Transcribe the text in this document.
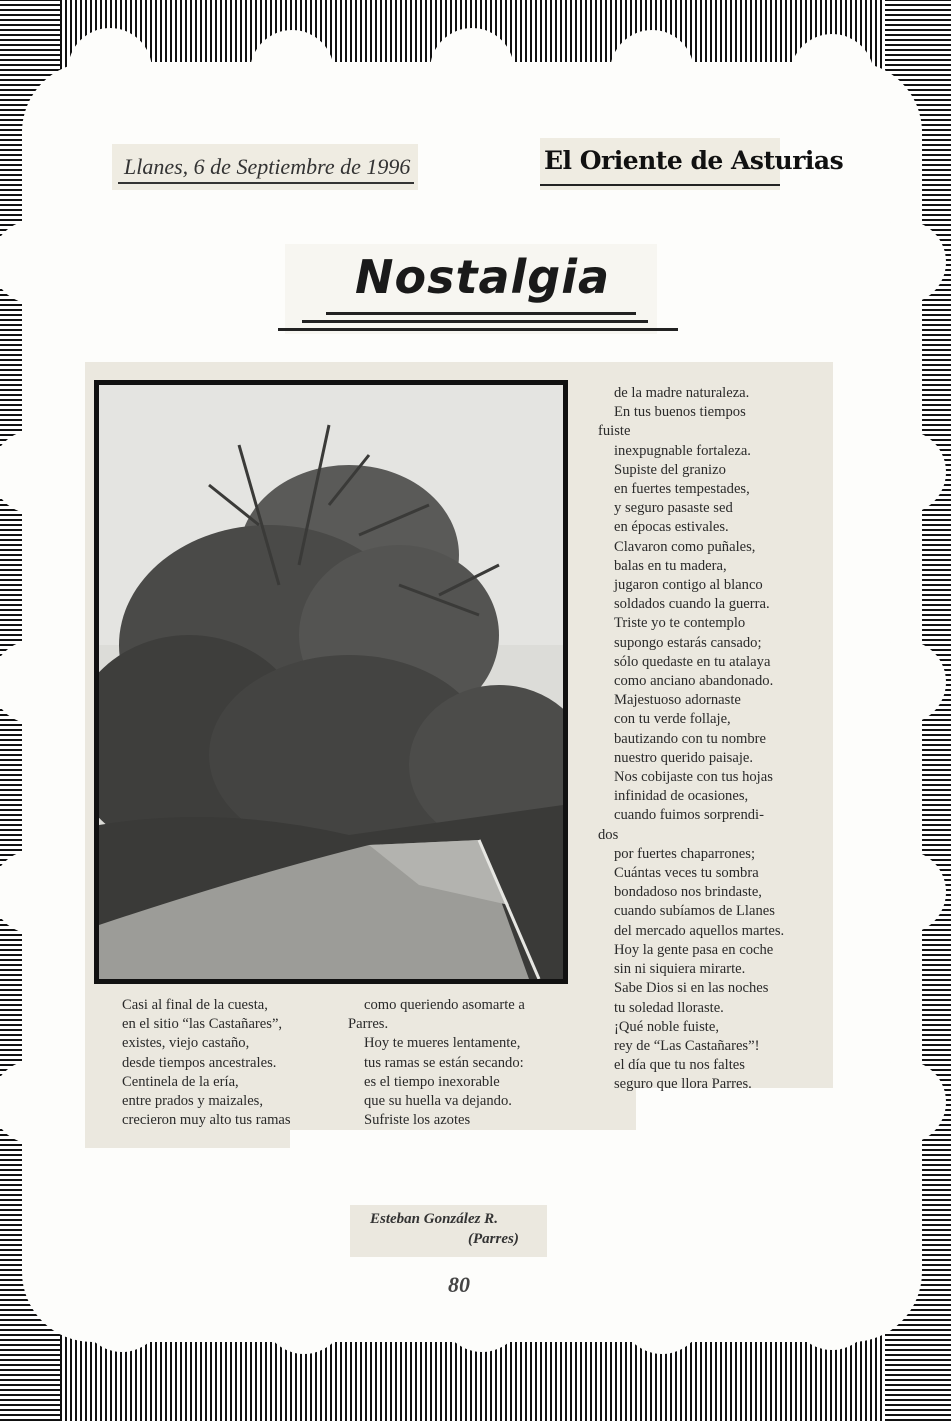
Llanes, 6 de Septiembre de 1996	El Oriente de Asturias
Nostalgia
de la madre naturaleza.
En tus buenos tiempos
fuiste
inexpugnable fortaleza.
Supiste del granizo
en fuertes tempestades,
y seguro pasaste sed
en épocas estivales.
Clavaron como puñales,
balas en tu madera,
jugaron contigo al blanco
soldados cuando la guerra.
Triste yo te contemplo
supongo estarás cansado;
sólo quedaste en tu atalaya
como anciano abandonado.
Majestuoso adornaste
con tu verde follaje,
bautizando con tu nombre
nuestro querido paisaje.
Nos cobijaste con tus hojas
infinidad de ocasiones,
cuando fuimos sorprendi-
dos
por fuertes chaparrones;
Cuántas veces tu sombra
bondadoso nos brindaste,
cuando subíamos de Llanes
del mercado aquellos martes.
Hoy la gente pasa en coche
sin ni siquiera mirarte.
Sabe Dios si en las noches
tu soledad lloraste.
¡Qué noble fuiste,
rey de “Las Castañares”!
el día que tu nos faltes
seguro que llora Parres.
Casi al final de la cuesta,
en el sitio “las Castañares”,
existes, viejo castaño,
desde tiempos ancestrales.
Centinela de la ería,
entre prados y maizales,
crecieron muy alto tus ramas
como queriendo asomarte a
Parres.
Hoy te mueres lentamente,
tus ramas se están secando:
es el tiempo inexorable
que su huella va dejando.
Sufriste los azotes
Esteban González R.
(Parres)
80
